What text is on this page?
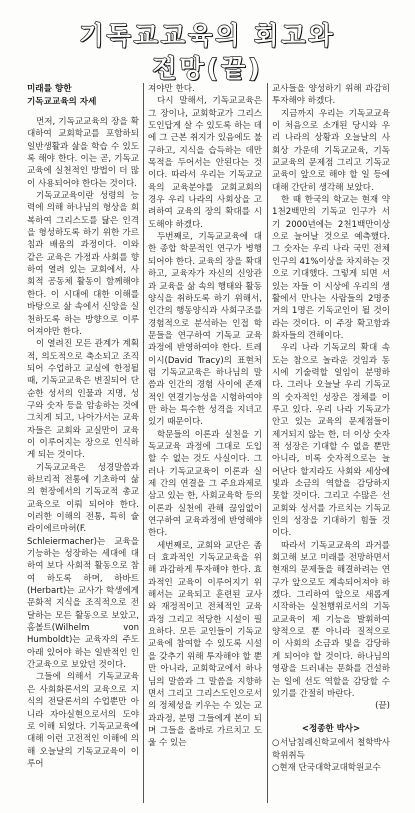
기독교교육의 회고와
전망(끝)
미래를 향한
기독교교육의 자세

먼저, 기독교교육의 장을 확대하여 교회학교를 포함하되 일반생활과 삶을 학습 수 있도록 해야 한다. 이는 곧, 기독교교육에 실천적인 방법이 더 많이 사용되어야 한다는 것이다.

기독교교육이란 성령의 능력에 의해 하나님의 형상을 회복하여 그리스도를 닮은 인격을 형성하도록 하기 위한 가르침과 배움의 과정이다. 이와 같은 교육은 가정과 사회를 향하여 열려 있는 교회에서, 사회적 공동체 활동이 함께해야 한다. 이 시대에 대한 이해를 바탕으로 삶 속에서 신앙을 실천하도록 하는 방향으로 이루어져야만 한다.

이 열려진 모든 관계가 계획적, 의도적으로 축소되고 조직되어 수업하고 교실에 한정될 때, 기독교교육은 변질되어 단순한 성서의 인물과 지명, 성구와 숫자 등을 암송하는 것에 그치게 되고, 나아가서는 교육자들은 교회와 교실만이 교육이 이루어지는 장으로 인식하게 되는 것이다.

기독교교육은 성경말씀과 하브리적 전통에 기초하여 삶의 현장에서의 기독교적 총교교육으로 이뤄 되어야 한다. 이러한 이해의 전통, 특히 슐라이에르마허(F. Schleiermacher)는 교육을 기능하는 성장하는 세대에 대하여 보다 사회적 활동으로 참여 하도록 하며, 하바트(Herbart)는 교사가 학생에게 문화적 지식을 조직적으로 전달하는 모든 활동으로 보았고, 홈볼트(Wilhelm von Humboldt)는 교육자의 주도 아래 있어야 하는 일반적인 인간교육으로 보았던 것이다.

그들에 의해서 기독교교육은 사회화론서의 교육으로 지식의 전달론서의 수업뿐만 아니라 자아실현으로서의 도야로 이해 되었다. 기독교교육에 대해 이런 고전적인 이해에 의해 오늘날의 기독교교육이 이루어

져야만 한다.

다시 말해서, 기독교교육은 그 장이나, 교회학교가 그리스도인답게 살 수 있도록 하는 데에 그 근본 취지가 있음에도 불구하고, 지식을 습득하는 데만 목적을 두어서는 안된다는 것이다. 따라서 우리는 기독교교육의 교육분야를 교회교회의 경우 우리 나라의 사회상을 고려하여 교육의 장의 확대를 시도해야 하겠다.

두번째로, 기독교교육에 대한 종합 학문적인 연구가 병행되어야 한다. 교육의 장을 확대하고, 교육자가 자신의 신앙관과 교육을 삶 속의 행태와 활동양식을 취하도록 하기 위해서, 인간의 행동양식과 사회구조를 경험적으로 분석하는 인접 학문들을 연구하여 기독교 교육 과정에 반영하여야 한다. 트레이시(David Tracy)의 표현처럼 기독교교육은 하나님의 말씀과 인간의 경험 사이에 존재적인 연결기능성을 시험하여야만 하는 특수한 성격을 지녀고 있기 때문이다.

학문들의 이론과 실천을 기독교교육 과정에 그대로 도입할 수 없는 것도 사실이다. 그러나 기독교교육이 이론과 실제 간의 연결을 그 주요과제로 삼고 있는 한, 사회교육학 등의 이론과 실천에 관해 끊임없이 연구하여 교육과정에 반영해야 한다.

세번째로, 교회와 교단은 좀 더 효과적인 기독교교육을 위해 과감하게 투자해야 한다. 효과적인 교육이 이루어지기 위해서는 교육되고 훈련된 교사와 재정적이고 전체적인 교육과정 그리고 적당한 시설이 필요하다. 모든 교인들이 기독교교육에 참여할 수 있도록 시설을 갖추기 위해 투자해야 할 뿐만 아니라, 교회학교에서 하나님의 말씀과 그 말씀을 지향하면서 그리고 그리스도인으로서의 정체성을 키우는 수 있는 교과과정, 분명 그들에게 본이 되며 그들을 올바로 가르치고 도울 수 있는

교사들을 양성하기 위해 과감히 투자해야 하겠다.

지금까지 우리는 기독교교육이 처음으로 소개된 당시와 우리 나라의 상황과 오늘날의 사회상 가운데 기독교교육, 기독교교육의 문제점 그리고 기독교교육이 앞으로 해야 할 일 등에 대해 간단히 생각해 보았다.

한 때 한국의 학교는 현재 약 1천2백만의 기독교 인구가 서기 2000년에는 2천1백만이상으로 늘어날 것으로 예측했다. 그 숫자는 우리 나라 국민 전체 인구의 41%이상을 차지하는 것으로 기대했다. 그렇게 되면 서 있는 자들 이 시상에 우리의 생활에서 만나는 사람들의 2명중 거의 1명은 기독교인이 될 것이라는 것이다. 이 주장 확고함과 화자들의 견해이다.

우리 나라 기독교의 확대 속도는 참으로 놀라운 것임과 동시에 기술력할 일임이 분명하다. 그러나 오늘날 우리 기독교의 숫자적인 성장은 정체를 이루고 있다. 우리 나라 기독교가 안고 있는 교육의 문제점들이 제거되지 않는 한, 더 이상 숫자적 성장은 기대할 수 없을 뿐만 아니라, 비록 숫자적으로는 늘어난다 할지라도 사회와 세상에 빛과 소금의 역할을 감당하지 못할 것이다. 그리고 수많은 선교회와 성서를 가르치는 기독교인의 성장을 기대하기 힘들 것이다.

따라서 기독교교육의 과거를 회고해 보고 미래를 전망하면서 현재의 문제들을 해결하려는 연구가 앞으로도 계속되어져야 하겠다. 그리하여 앞으로 새롭게 시작하는 실천행위로서의 기독교교육이 제 기능을 발휘하여 양적으로 뿐 아니라 질적으로 이 사회의 소금과 빛을 감당하게 되어야 할 것이다. 하나님의 영광을 드러내는 문화를 건설하는 일에 선도 역할을 감당할 수 있기를 간절히 바란다.

(끝)
<정종한 박사>
○서남침례신학교에서 철학박사 학위취득
○현재 단국대학교대학원교수
